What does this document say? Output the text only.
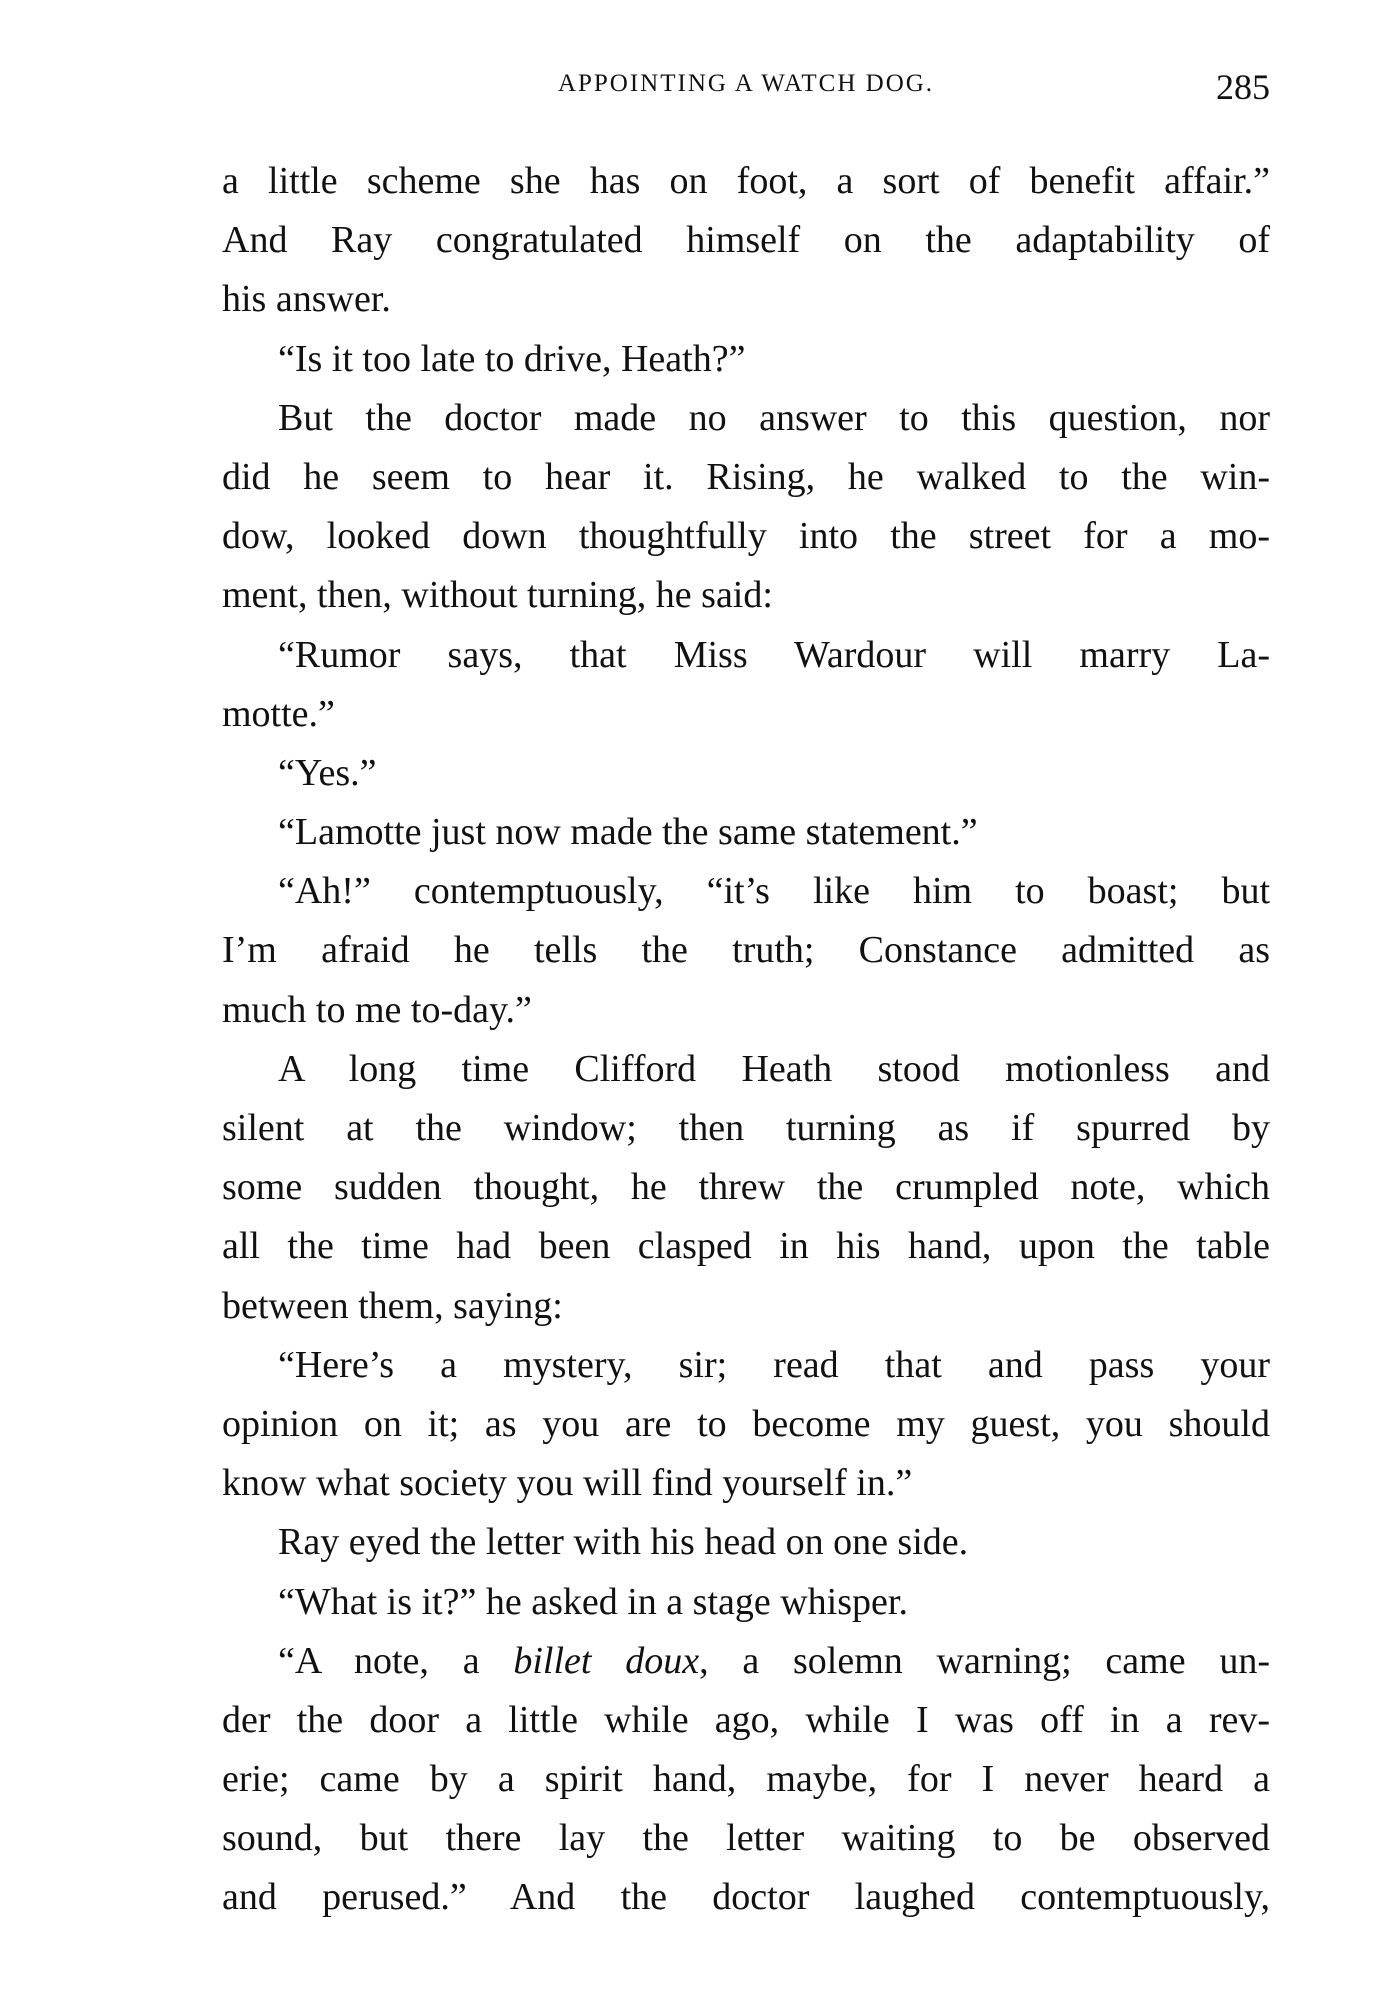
APPOINTING A WATCH DOG.	285
a little scheme she has on foot, a sort of benefit affair.”
And Ray congratulated himself on the adaptability of
his answer.
“Is it too late to drive, Heath?”
But the doctor made no answer to this question, nor
did he seem to hear it. Rising, he walked to the win-
dow, looked down thoughtfully into the street for a mo-
ment, then, without turning, he said:
“Rumor says, that Miss Wardour will marry La-
motte.”
“Yes.”
“Lamotte just now made the same statement.”
“Ah!” contemptuously, “it’s like him to boast; but
I’m afraid he tells the truth; Constance admitted as
much to me to-day.”
A long time Clifford Heath stood motionless and
silent at the window; then turning as if spurred by
some sudden thought, he threw the crumpled note, which
all the time had been clasped in his hand, upon the table
between them, saying:
“Here’s a mystery, sir; read that and pass your
opinion on it; as you are to become my guest, you should
know what society you will find yourself in.”
Ray eyed the letter with his head on one side.
“What is it?” he asked in a stage whisper.
“A note, a billet doux, a solemn warning; came un-
der the door a little while ago, while I was off in a rev-
erie; came by a spirit hand, maybe, for I never heard a
sound, but there lay the letter waiting to be observed
and perused.” And the doctor laughed contemptuously,
